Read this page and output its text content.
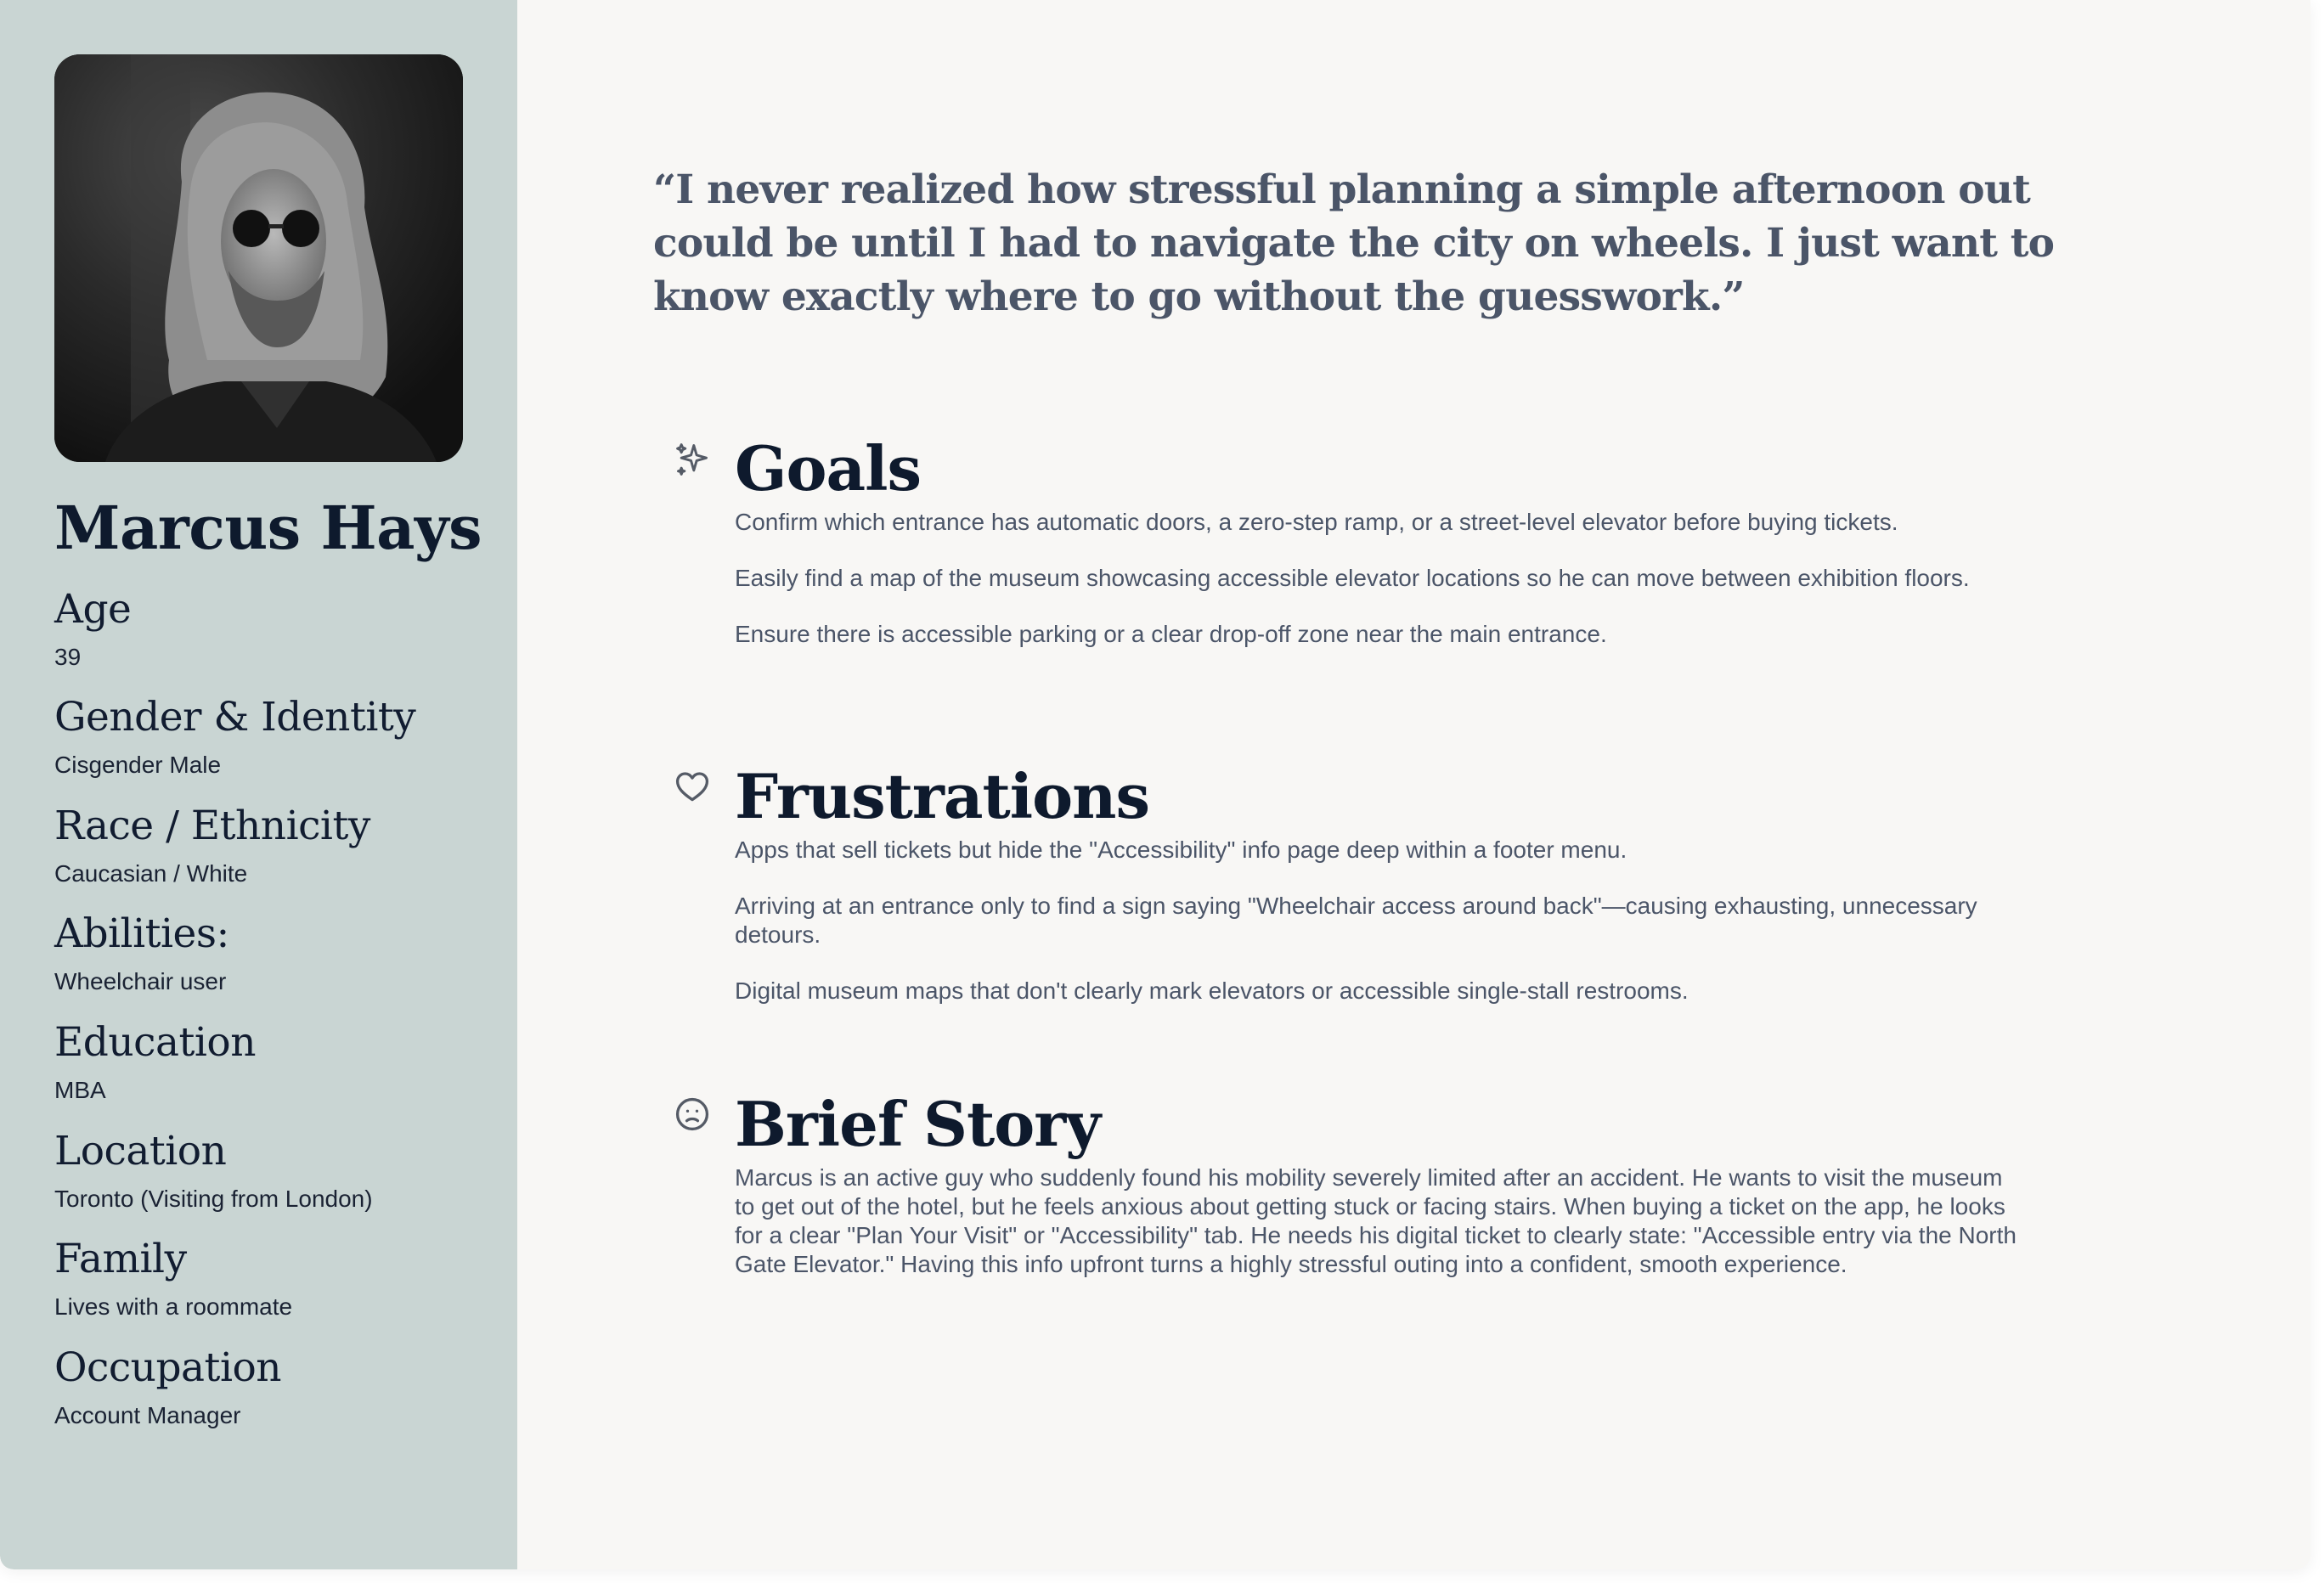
Marcus Hays
Age
39
Gender & Identity
Cisgender Male
Race / Ethnicity
Caucasian / White
Abilities:
Wheelchair user
Education
MBA
Location
Toronto (Visiting from London)
Family
Lives with a roommate
Occupation
Account Manager
“I never realized how stressful planning a simple afternoon out could be until I had to navigate the city on wheels. I just want to know exactly where to go without the guesswork.”
Goals

Confirm which entrance has automatic doors, a zero-step ramp, or a street-level elevator before buying tickets.

Easily find a map of the museum showcasing accessible elevator locations so he can move between exhibition floors.

Ensure there is accessible parking or a clear drop-off zone near the main entrance.

Frustrations

Apps that sell tickets but hide the "Accessibility" info page deep within a footer menu.

Arriving at an entrance only to find a sign saying "Wheelchair access around back"—causing exhausting, unnecessary detours.

Digital museum maps that don't clearly mark elevators or accessible single-stall restrooms.

Brief Story

Marcus is an active guy who suddenly found his mobility severely limited after an accident. He wants to visit the museum to get out of the hotel, but he feels anxious about getting stuck or facing stairs. When buying a ticket on the app, he looks for a clear "Plan Your Visit" or "Accessibility" tab. He needs his digital ticket to clearly state: "Accessible entry via the North Gate Elevator." Having this info upfront turns a highly stressful outing into a confident, smooth experience.
